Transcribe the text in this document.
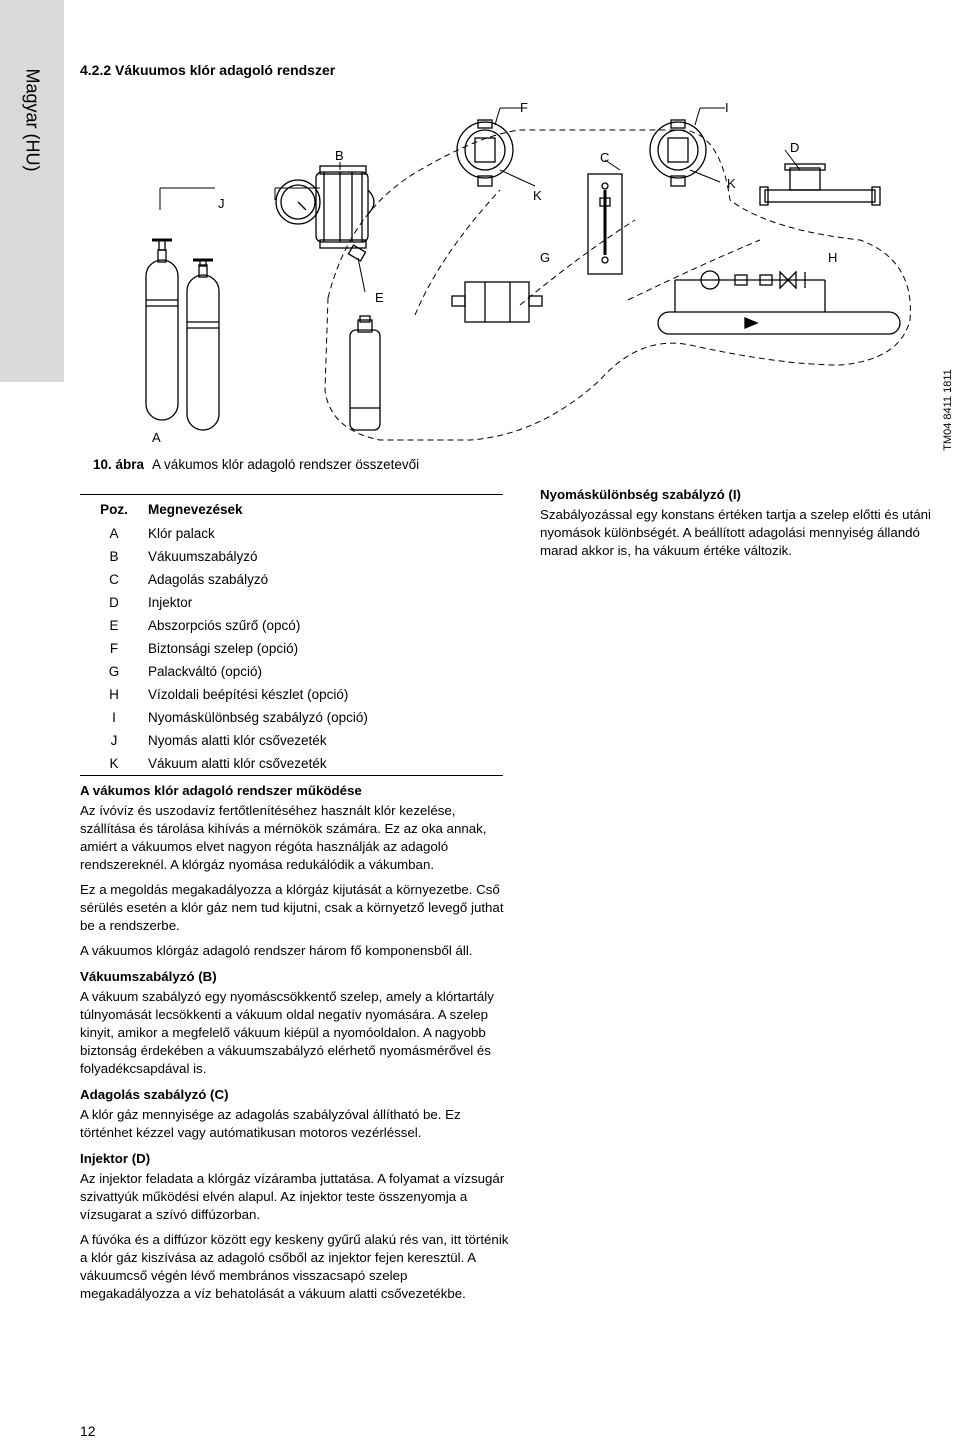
Magyar (HU)	4.2.2 Vákuumos klór adagoló rendszer
A
B	C
D
E
F
G	H
I
J
K
K
TM04 8411 1811
10. ábra A vákumos klór adagoló rendszer összetevői
Poz.	Megnevezések
A	Klór palack
B	Vákuumszabályzó
C	Adagolás szabályzó
D	Injektor
E	Abszorpciós szűrő (opcó)
F	Biztonsági szelep (opció)
G	Palackváltó (opció)
H	Vízoldali beépítési készlet (opció)
I	Nyomáskülönbség szabályzó (opció)
J	Nyomás alatti klór csővezeték
K	Vákuum alatti klór csővezeték
A vákumos klór adagoló rendszer működése

Az ívóvíz és uszodavíz fertőtlenítéséhez használt klór kezelése, szállítása és tárolása kihívás a mérnökök számára. Ez az oka annak, amiért a vákuumos elvet nagyon régóta használják az adagoló rendszereknél. A klórgáz nyomása redukálódik a vákumban.

Ez a megoldás megakadályozza a klórgáz kijutását a környezetbe. Cső sérülés esetén a klór gáz nem tud kijutni, csak a környetző levegő juthat be a rendszerbe.

A vákuumos klórgáz adagoló rendszer három fő komponensből áll.

Vákuumszabályzó (B)

A vákuum szabályzó egy nyomáscsökkentő szelep, amely a klórtartály túlnyomását lecsökkenti a vákuum oldal negatív nyomására. A szelep kinyit, amikor a megfelelő vákuum kiépül a nyomóoldalon. A nagyobb biztonság érdekében a vákuumszabályzó elérhető nyomásmérővel és folyadékcsapdával is.

Adagolás szabályzó (C)

A klór gáz mennyisége az adagolás szabályzóval állítható be. Ez történhet kézzel vagy autómatikusan motoros vezérléssel.

Injektor (D)

Az injektor feladata a klórgáz vízáramba juttatása. A folyamat a vízsugár szivattyúk működési elvén alapul. Az injektor teste összenyomja a vízsugarat a szívó diffúzorban.

A fúvóka és a diffúzor között egy keskeny gyűrű alakú rés van, itt történik a klór gáz kiszívása az adagoló csőből az injektor fejen keresztül. A vákuumcső végén lévő membrános visszacsapó szelep megakadályozza a víz behatolását a vákuum alatti csővezetékbe.

Nyomáskülönbség szabályzó (I)

Szabályozással egy konstans értéken tartja a szelep előtti és utáni nyomások különbségét. A beállított adagolási mennyiség állandó marad akkor is, ha vákuum értéke változik.

12
